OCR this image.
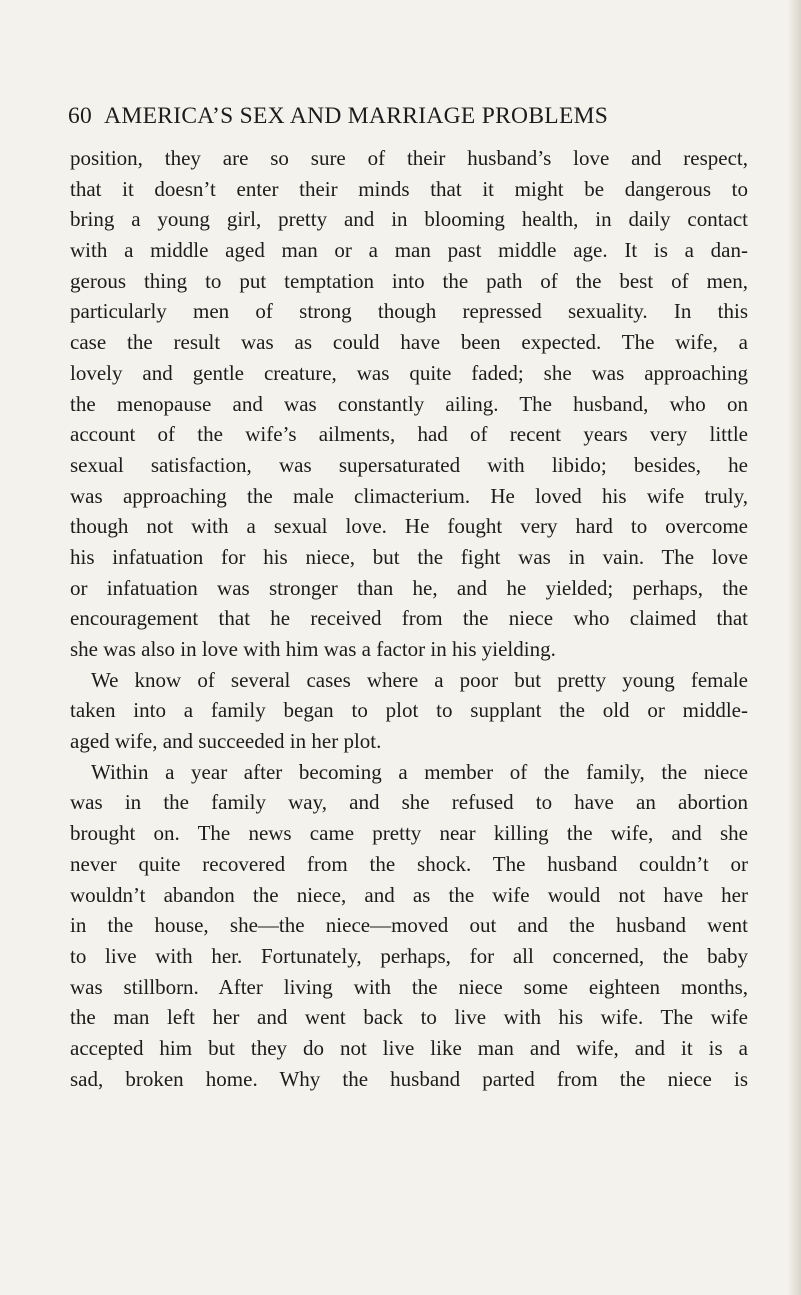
60 AMERICA’S SEX AND MARRIAGE PROBLEMS
position, they are so sure of their husband’s love and respect,
that it doesn’t enter their minds that it might be dangerous to
bring a young girl, pretty and in blooming health, in daily contact
with a middle aged man or a man past middle age. It is a dan-
gerous thing to put temptation into the path of the best of men,
particularly men of strong though repressed sexuality. In this
case the result was as could have been expected. The wife, a
lovely and gentle creature, was quite faded; she was approaching
the menopause and was constantly ailing. The husband, who on
account of the wife’s ailments, had of recent years very little
sexual satisfaction, was supersaturated with libido; besides, he
was approaching the male climacterium. He loved his wife truly,
though not with a sexual love. He fought very hard to overcome
his infatuation for his niece, but the fight was in vain. The love
or infatuation was stronger than he, and he yielded; perhaps, the
encouragement that he received from the niece who claimed that
she was also in love with him was a factor in his yielding.
We know of several cases where a poor but pretty young female
taken into a family began to plot to supplant the old or middle-
aged wife, and succeeded in her plot.
Within a year after becoming a member of the family, the niece
was in the family way, and she refused to have an abortion
brought on. The news came pretty near killing the wife, and she
never quite recovered from the shock. The husband couldn’t or
wouldn’t abandon the niece, and as the wife would not have her
in the house, she—the niece—moved out and the husband went
to live with her. Fortunately, perhaps, for all concerned, the baby
was stillborn. After living with the niece some eighteen months,
the man left her and went back to live with his wife. The wife
accepted him but they do not live like man and wife, and it is a
sad, broken home. Why the husband parted from the niece is
